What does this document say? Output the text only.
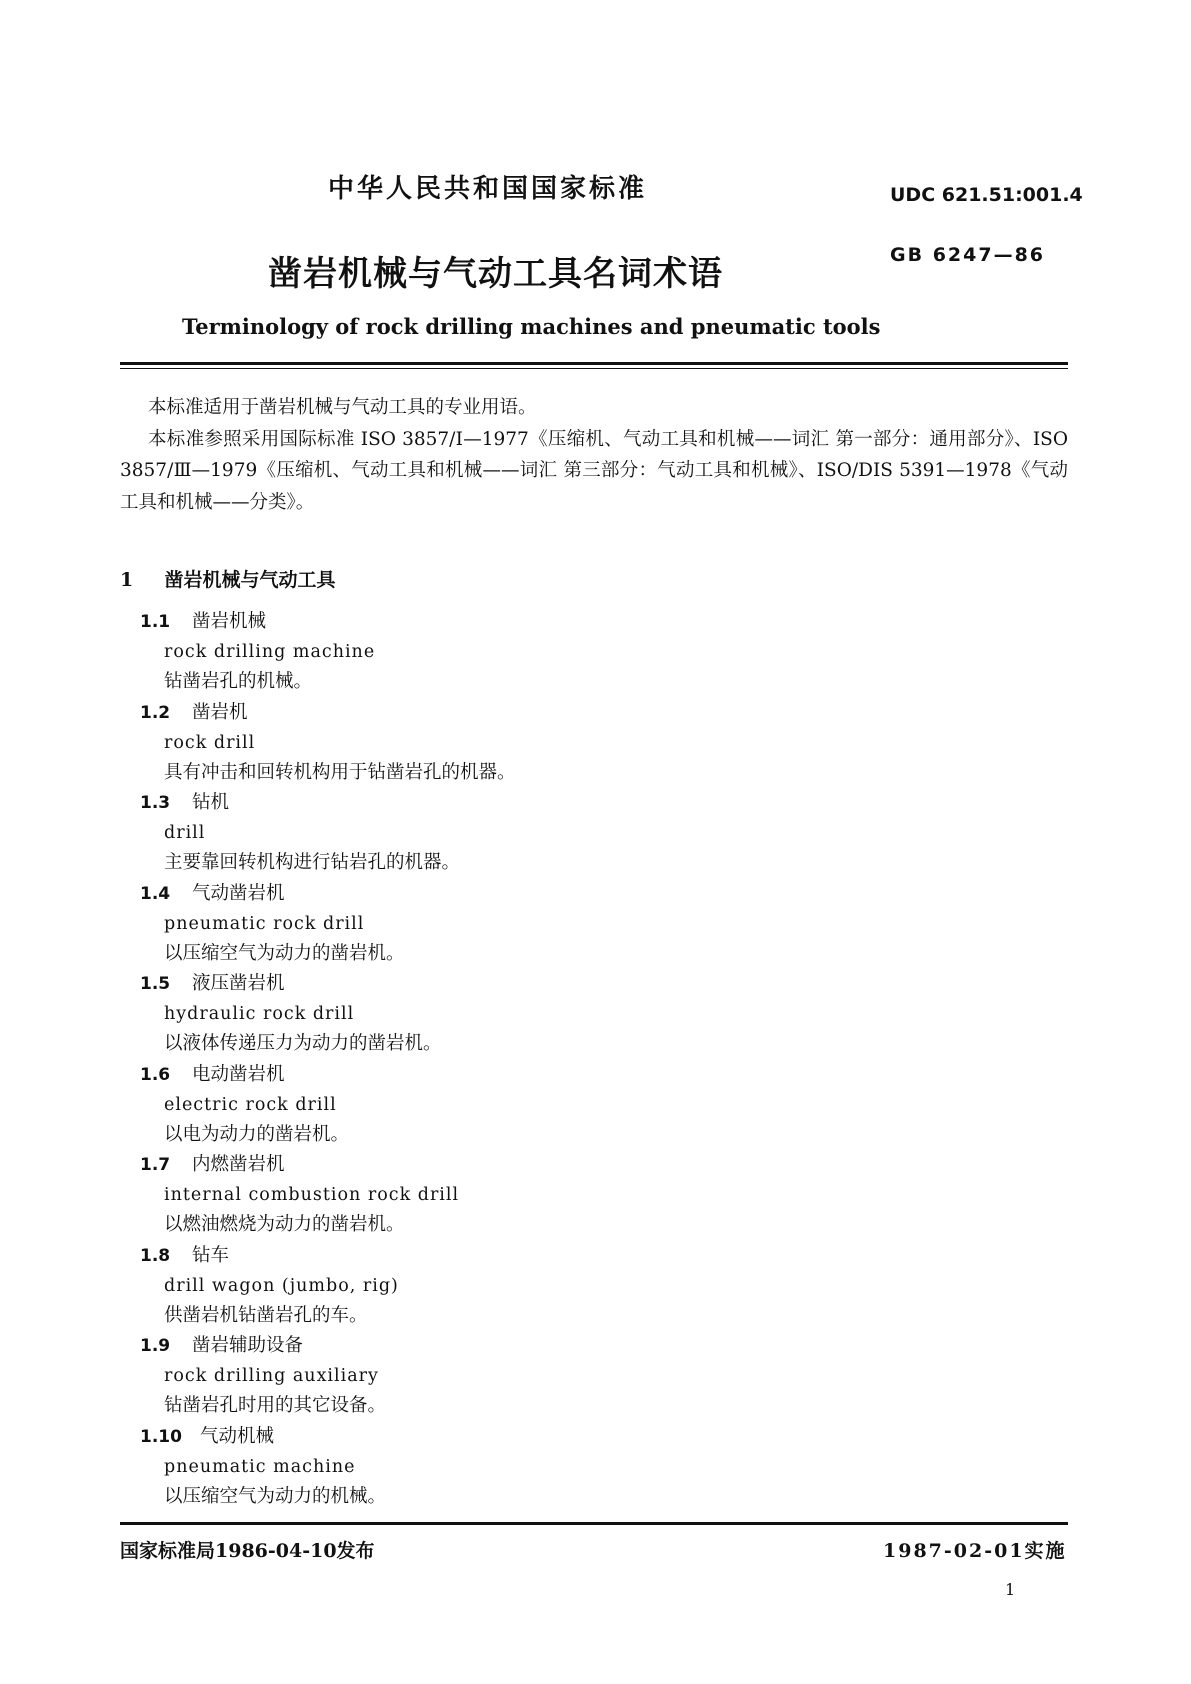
中华人民共和国国家标准	UDC 621.51:001.4
凿岩机械与气动工具名词术语	GB 6247—86
Terminology of rock drilling machines and pneumatic tools

本标准适用于凿岩机械与气动工具的专业用语。

本标准参照采用国际标准 ISO 3857/Ⅰ—1977《压缩机、气动工具和机械——词汇 第一部分：通用部分》、ISO 3857/Ⅲ—1979《压缩机、气动工具和机械——词汇 第三部分：气动工具和机械》、ISO/DIS 5391—1978《气动工具和机械——分类》。

1 凿岩机械与气动工具
1.1 凿岩机械
rock drilling machine
钻凿岩孔的机械。
1.2 凿岩机
rock drill
具有冲击和回转机构用于钻凿岩孔的机器。
1.3 钻机
drill
主要靠回转机构进行钻岩孔的机器。
1.4 气动凿岩机
pneumatic rock drill
以压缩空气为动力的凿岩机。
1.5 液压凿岩机
hydraulic rock drill
以液体传递压力为动力的凿岩机。
1.6 电动凿岩机
electric rock drill
以电为动力的凿岩机。
1.7 内燃凿岩机
internal combustion rock drill
以燃油燃烧为动力的凿岩机。
1.8 钻车
drill wagon (jumbo, rig)
供凿岩机钻凿岩孔的车。
1.9 凿岩辅助设备
rock drilling auxiliary
钻凿岩孔时用的其它设备。
1.10 气动机械
pneumatic machine
以压缩空气为动力的机械。
国家标准局1986-04-10发布	1987-02-01实施
1
